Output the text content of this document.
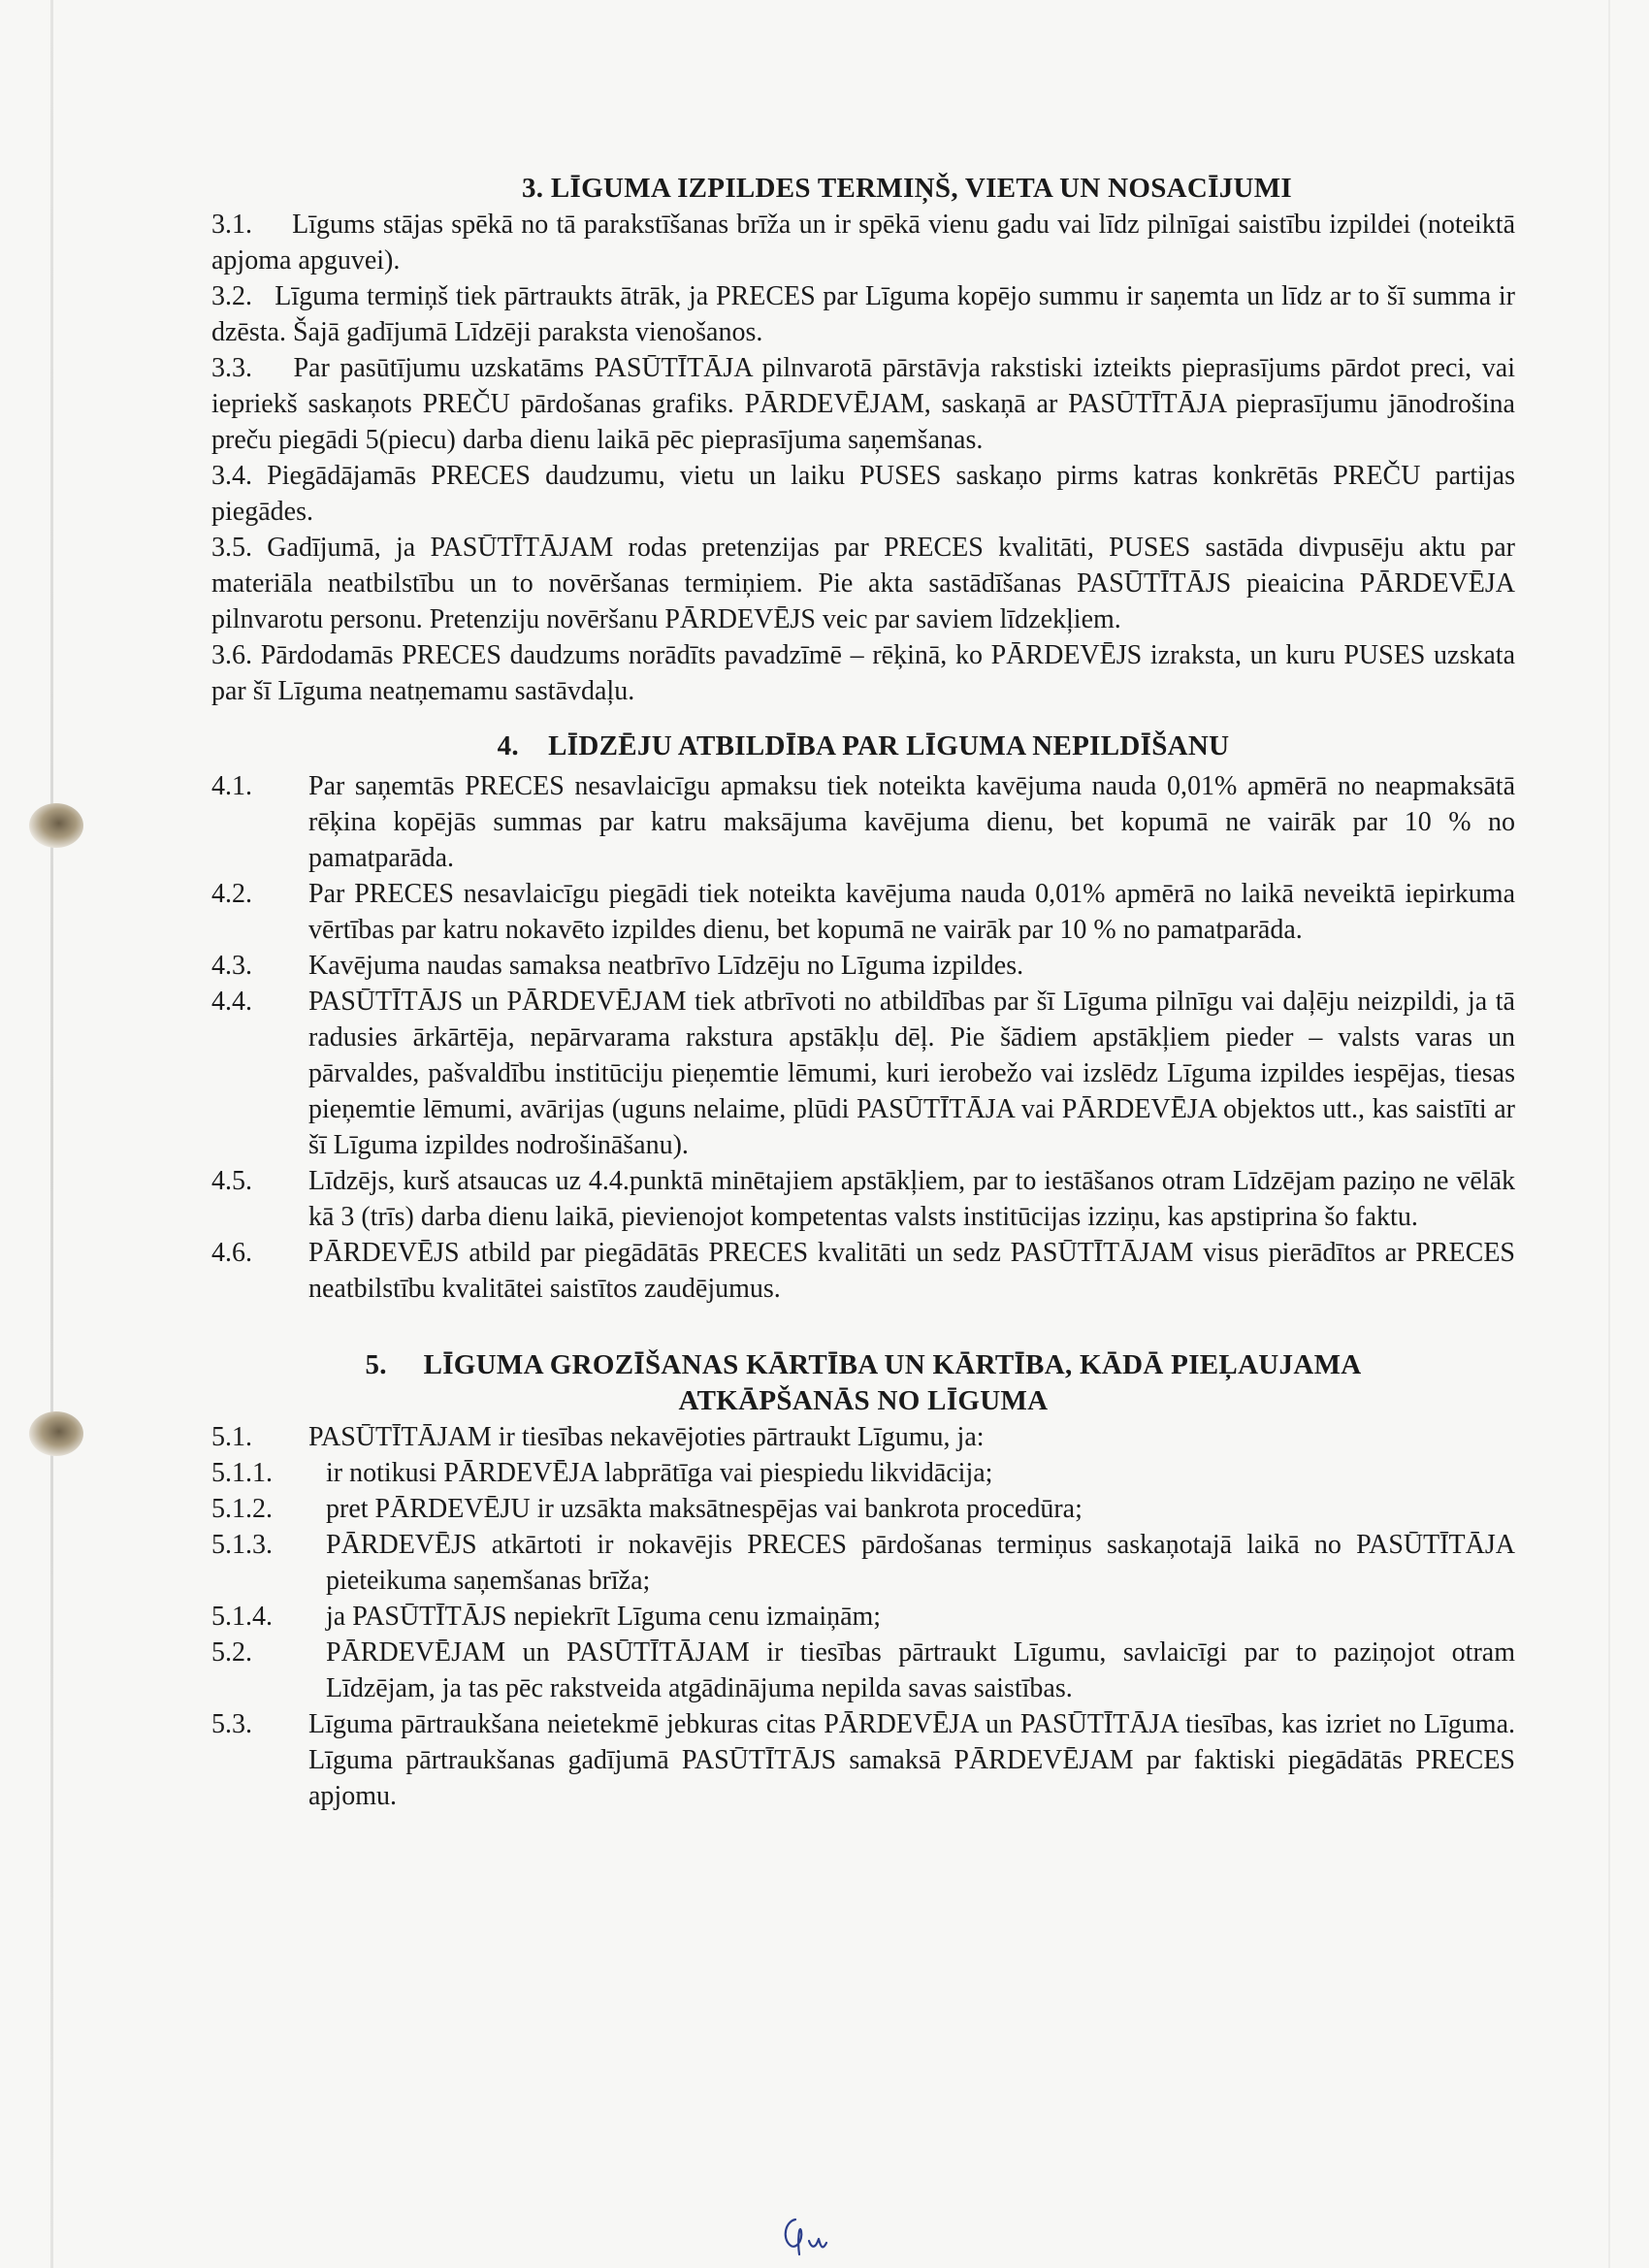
3. LĪGUMA IZPILDES TERMIŅŠ, VIETA UN NOSACĪJUMI

3.1. Līgums stājas spēkā no tā parakstīšanas brīža un ir spēkā vienu gadu vai līdz pilnīgai saistību izpildei (noteiktā apjoma apguvei).

3.2. Līguma termiņš tiek pārtraukts ātrāk, ja PRECES par Līguma kopējo summu ir saņemta un līdz ar to šī summa ir dzēsta. Šajā gadījumā Līdzēji paraksta vienošanos.

3.3. Par pasūtījumu uzskatāms PASŪTĪTĀJA pilnvarotā pārstāvja rakstiski izteikts pieprasījums pārdot preci, vai iepriekš saskaņots PREČU pārdošanas grafiks. PĀRDEVĒJAM, saskaņā ar PASŪTĪTĀJA pieprasījumu jānodrošina preču piegādi 5(piecu) darba dienu laikā pēc pieprasījuma saņemšanas.

3.4. Piegādājamās PRECES daudzumu, vietu un laiku PUSES saskaņo pirms katras konkrētās PREČU partijas piegādes.

3.5. Gadījumā, ja PASŪTĪTĀJAM rodas pretenzijas par PRECES kvalitāti, PUSES sastāda divpusēju aktu par materiāla neatbilstību un to novēršanas termiņiem. Pie akta sastādīšanas PASŪTĪTĀJS pieaicina PĀRDEVĒJA pilnvarotu personu. Pretenziju novēršanu PĀRDEVĒJS veic par saviem līdzekļiem.

3.6. Pārdodamās PRECES daudzums norādīts pavadzīmē – rēķinā, ko PĀRDEVĒJS izraksta, un kuru PUSES uzskata par šī Līguma neatņemamu sastāvdaļu.

4.    LĪDZĒJU ATBILDĪBA PAR LĪGUMA NEPILDĪŠANU
4.1.	Par saņemtās PRECES nesavlaicīgu apmaksu tiek noteikta kavējuma nauda 0,01% apmērā no neapmaksātā rēķina kopējās summas par katru maksājuma kavējuma dienu, bet kopumā ne vairāk par 10 % no pamatparāda.
4.2.	Par PRECES nesavlaicīgu piegādi tiek noteikta kavējuma nauda 0,01% apmērā no laikā neveiktā iepirkuma vērtības par katru nokavēto izpildes dienu, bet kopumā ne vairāk par 10 % no pamatparāda.
4.3.	Kavējuma naudas samaksa neatbrīvo Līdzēju no Līguma izpildes.
4.4.	PASŪTĪTĀJS un PĀRDEVĒJAM tiek atbrīvoti no atbildības par šī Līguma pilnīgu vai daļēju neizpildi, ja tā radusies ārkārtēja, nepārvarama rakstura apstākļu dēļ. Pie šādiem apstākļiem pieder – valsts varas un pārvaldes, pašvaldību institūciju pieņemtie lēmumi, kuri ierobežo vai izslēdz Līguma izpildes iespējas, tiesas pieņemtie lēmumi, avārijas (uguns nelaime, plūdi PASŪTĪTĀJA vai PĀRDEVĒJA objektos utt., kas saistīti ar šī Līguma izpildes nodrošināšanu).
4.5.	Līdzējs, kurš atsaucas uz 4.4.punktā minētajiem apstākļiem, par to iestāšanos otram Līdzējam paziņo ne vēlāk kā 3 (trīs) darba dienu laikā, pievienojot kompetentas valsts institūcijas izziņu, kas apstiprina šo faktu.
4.6.	PĀRDEVĒJS atbild par piegādātās PRECES kvalitāti un sedz PASŪTĪTĀJAM visus pierādītos ar PRECES neatbilstību kvalitātei saistītos zaudējumus.
5.     LĪGUMA GROZĪŠANAS KĀRTĪBA UN KĀRTĪBA, KĀDĀ PIEĻAUJAMA
ATKĀPŠANĀS NO LĪGUMA
5.1.	PASŪTĪTĀJAM ir tiesības nekavējoties pārtraukt Līgumu, ja:
5.1.1.	ir notikusi PĀRDEVĒJA labprātīga vai piespiedu likvidācija;
5.1.2.	pret PĀRDEVĒJU ir uzsākta maksātnespējas vai bankrota procedūra;
5.1.3.	PĀRDEVĒJS atkārtoti ir nokavējis PRECES pārdošanas termiņus saskaņotajā laikā no PASŪTĪTĀJA pieteikuma saņemšanas brīža;
5.1.4.	ja PASŪTĪTĀJS nepiekrīt Līguma cenu izmaiņām;
5.2.	PĀRDEVĒJAM un PASŪTĪTĀJAM ir tiesības pārtraukt Līgumu, savlaicīgi par to paziņojot otram Līdzējam, ja tas pēc rakstveida atgādinājuma nepilda savas saistības.
5.3.	Līguma pārtraukšana neietekmē jebkuras citas PĀRDEVĒJA un PASŪTĪTĀJA tiesības, kas izriet no Līguma. Līguma pārtraukšanas gadījumā PASŪTĪTĀJS samaksā PĀRDEVĒJAM par faktiski piegādātās PRECES apjomu.
